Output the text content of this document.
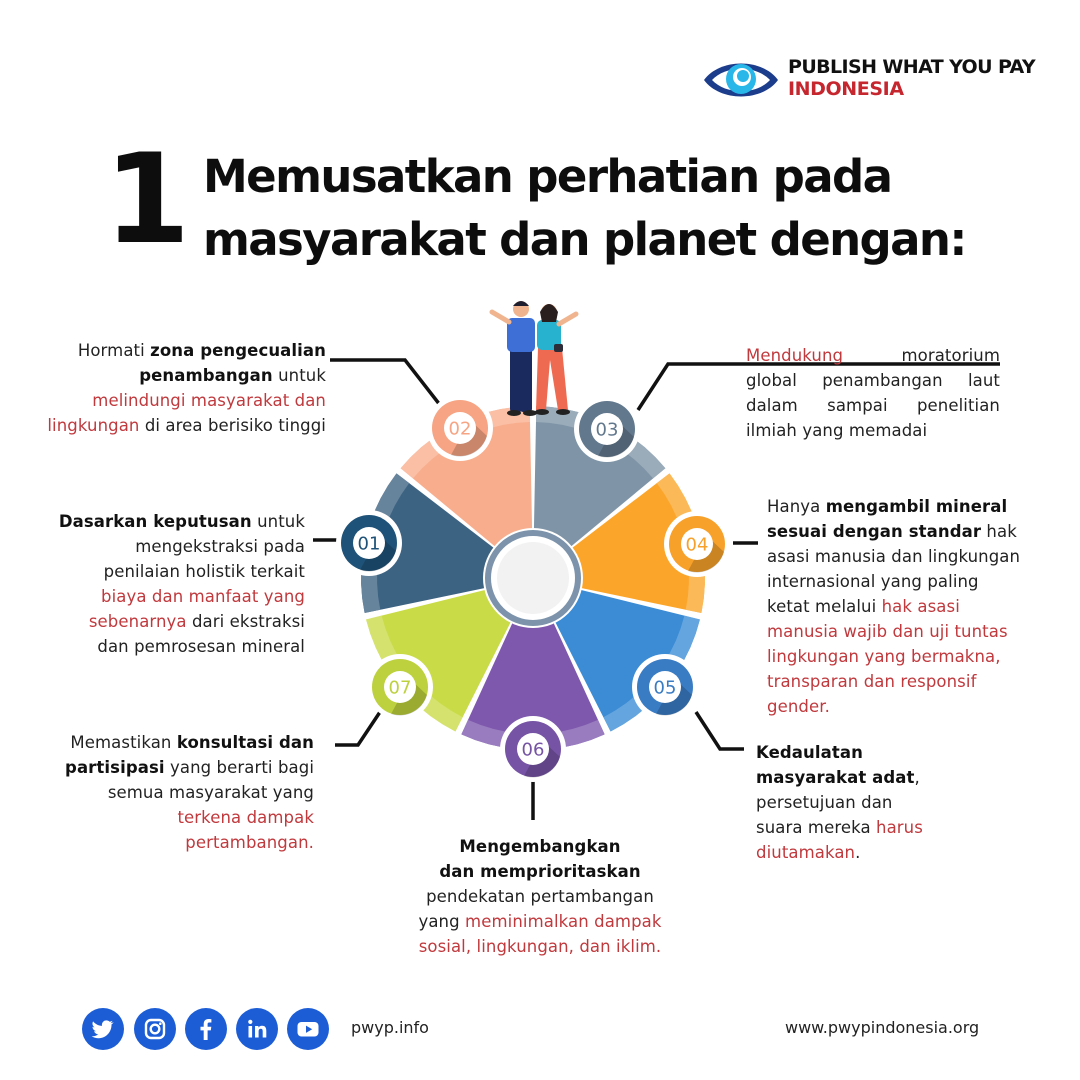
PUBLISH WHAT YOU PAY
INDONESIA
1 Memusatkan perhatian pada
masyarakat dan planet dengan:
02	03
04
01
07	05
06
Hormati zona pengecualian
penambangan untuk
melindungi masyarakat dan
lingkungan di area berisiko tinggi
Dasarkan keputusan untuk
mengekstraksi pada
penilaian holistik terkait
biaya dan manfaat yang
sebenarnya dari ekstraksi
dan pemrosesan mineral
Memastikan konsultasi dan
partisipasi yang berarti bagi
semua masyarakat yang
terkena dampak
pertambangan.
Mendukung	moratorium
global penambangan laut
dalam sampai penelitian
ilmiah yang memadai
Hanya mengambil mineral
sesuai dengan standar hak
asasi manusia dan lingkungan
internasional yang paling
ketat melalui hak asasi
manusia wajib dan uji tuntas
lingkungan yang bermakna,
transparan dan responsif
gender.
Kedaulatan
masyarakat adat,
persetujuan dan
suara mereka harus
diutamakan.
Mengembangkan
dan memprioritaskan
pendekatan pertambangan
yang meminimalkan dampak
sosial, lingkungan, dan iklim.
pwyp.info	www.pwypindonesia.org
